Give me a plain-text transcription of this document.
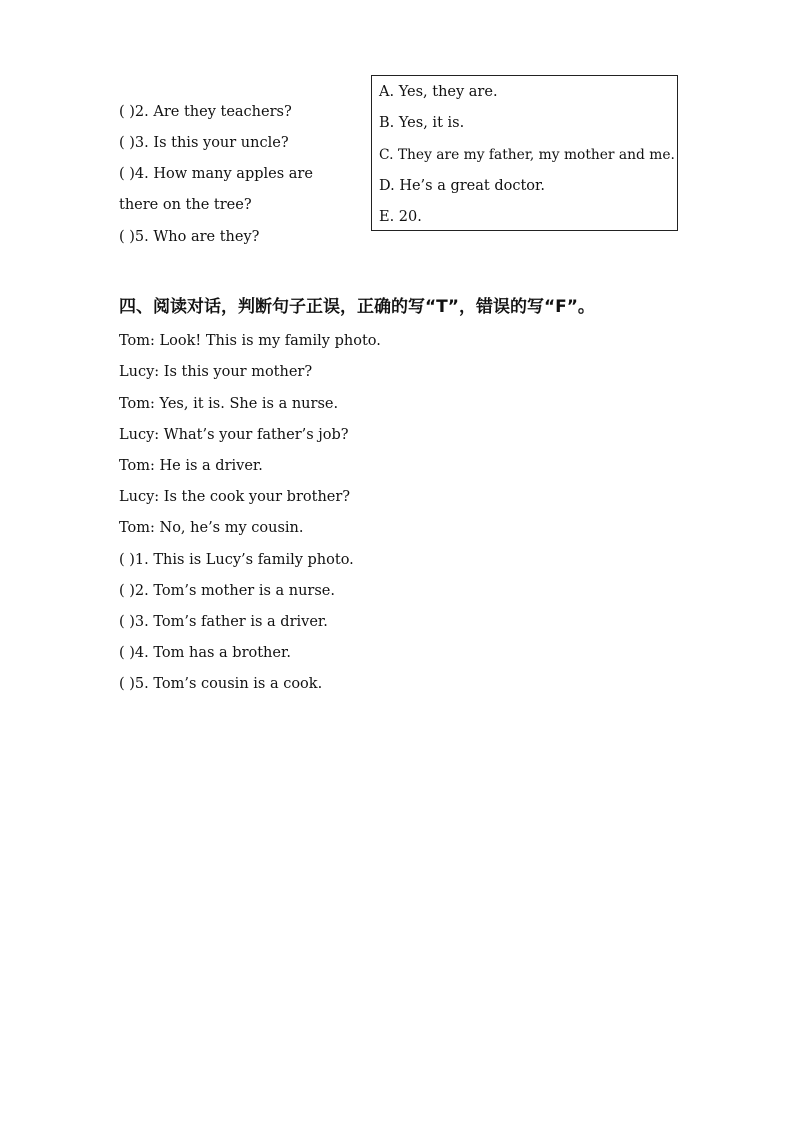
( )2. Are they teachers?
( )3. Is this your uncle?
( )4. How many apples are
there on the tree?
( )5. Who are they?
A. Yes, they are.
B. Yes, it is.
C. They are my father, my mother and me.
D. He’s a great doctor.
E. 20.
四、阅读对话，判断句子正误，正确的写“T”，错误的写“F”。
Tom: Look! This is my family photo.
Lucy: Is this your mother?
Tom: Yes, it is. She is a nurse.
Lucy: What’s your father’s job?
Tom: He is a driver.
Lucy: Is the cook your brother?
Tom: No, he’s my cousin.
( )1. This is Lucy’s family photo.
( )2. Tom’s mother is a nurse.
( )3. Tom’s father is a driver.
( )4. Tom has a brother.
( )5. Tom’s cousin is a cook.
